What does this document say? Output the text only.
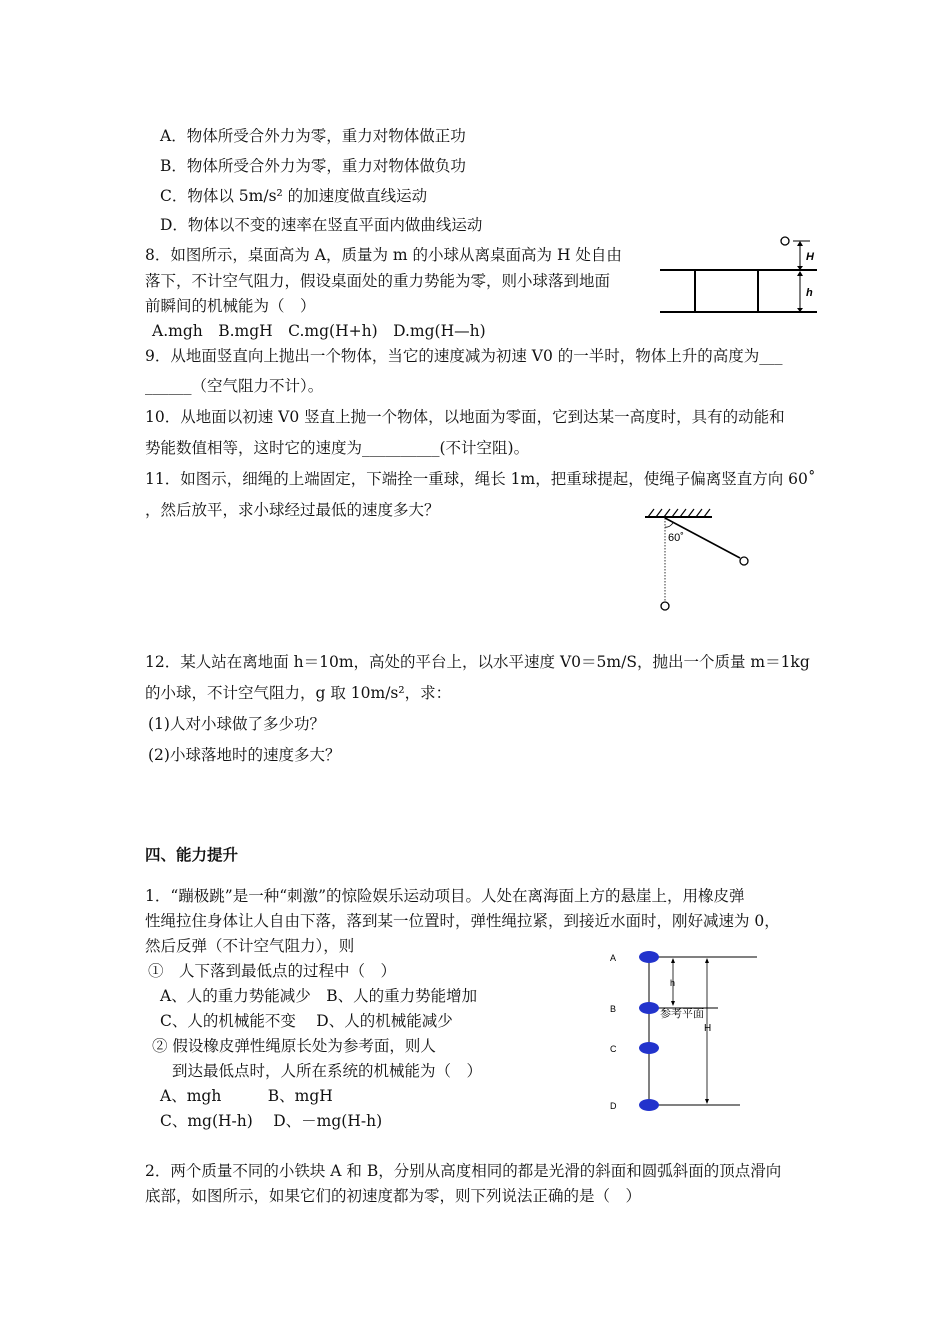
A．物体所受合外力为零，重力对物体做正功
B．物体所受合外力为零，重力对物体做负功
C．物体以 5m/s² 的加速度做直线运动
D．物体以不变的速率在竖直平面内做曲线运动
8．如图所示，桌面高为 A，质量为 m 的小球从离桌面高为 H 处自由
落下，不计空气阻力，假设桌面处的重力势能为零，则小球落到地面
前瞬间的机械能为（　）
A.mgh　B.mgH　C.mg(H+h)　D.mg(H—h)
H
h
9．从地面竖直向上抛出一个物体，当它的速度减为初速 V0 的一半时，物体上升的高度为___
______（空气阻力不计）。
10．从地面以初速 V0 竖直上抛一个物体，以地面为零面，它到达某一高度时，具有的动能和
势能数值相等，这时它的速度为__________(不计空阻)。
11．如图示，细绳的上端固定，下端拴一重球，绳长 1m，把重球提起，使绳子偏离竖直方向 60˚
，然后放平，求小球经过最低的速度多大？
60˚
12．某人站在离地面 h＝10m，高处的平台上，以水平速度 V0＝5m/S，抛出一个质量 m＝1kg
的小球，不计空气阻力，g 取 10m/s²，求：
(1)人对小球做了多少功？
(2)小球落地时的速度多大？
四、能力提升
1．“蹦极跳”是一种“刺激”的惊险娱乐运动项目。人处在离海面上方的悬崖上，用橡皮弹
性绳拉住身体让人自由下落，落到某一位置时，弹性绳拉紧，到接近水面时，刚好减速为 0，
然后反弹（不计空气阻力），则
①　人下落到最低点的过程中（　）
A、人的重力势能减少　B、人的重力势能增加
C、人的机械能不变　 D、人的机械能减少
② 假设橡皮弹性绳原长处为参考面，则人
到达最低点时，人所在系统的机械能为（　）
A、mgh　　　B、mgH
C、mg(H-h)　 D、－mg(H-h)
A
B
C
D
h
H
参考平面
2．两个质量不同的小铁块 A 和 B，分别从高度相同的都是光滑的斜面和圆弧斜面的顶点滑向
底部，如图所示，如果它们的初速度都为零，则下列说法正确的是（　）
